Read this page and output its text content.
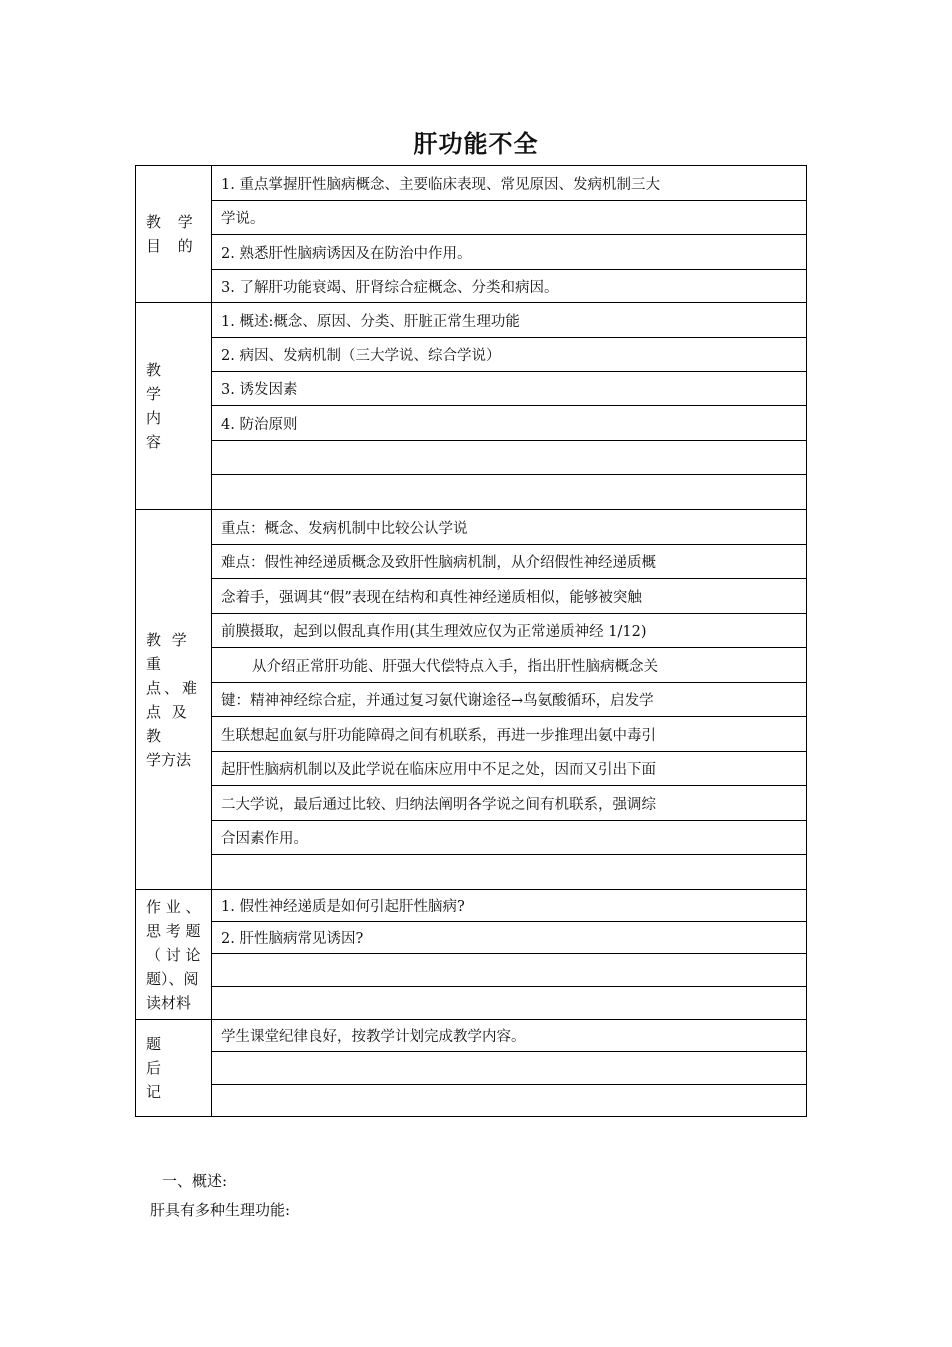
肝功能不全
教 学
目 的	1. 重点掌握肝性脑病概念、主要临床表现、常见原因、发病机制三大
	学说。
	2. 熟悉肝性脑病诱因及在防治中作用。
	3. 了解肝功能衰竭、肝肾综合症概念、分类和病因。

教
学
内
容	1. 概述:概念、原因、分类、肝脏正常生理功能
	2. 病因、发病机制（三大学说、综合学说）
	3. 诱发因素
	4. 防治原则

教 学 重
点、难
点 及 教
学方法	重点：概念、发病机制中比较公认学说
	难点：假性神经递质概念及致肝性脑病机制，从介绍假性神经递质概
	念着手，强调其“假”表现在结构和真性神经递质相似，能够被突触
	前膜摄取，起到以假乱真作用(其生理效应仅为正常递质神经 1/12)
	从介绍正常肝功能、肝强大代偿特点入手，指出肝性脑病概念关
	键：精神神经综合症，并通过复习氨代谢途径→鸟氨酸循环，启发学
	生联想起血氨与肝功能障碍之间有机联系，再进一步推理出氨中毒引
	起肝性脑病机制以及此学说在临床应用中不足之处，因而又引出下面
	二大学说，最后通过比较、归纳法阐明各学说之间有机联系，强调综
	合因素作用。

作 业 、
思 考 题
（ 讨 论
题）、阅
读材料	1. 假性神经递质是如何引起肝性脑病?
	2. 肝性脑病常见诱因?

题
后
记	学生课堂纪律良好，按教学计划完成教学内容。

一、概述:
肝具有多种生理功能:
